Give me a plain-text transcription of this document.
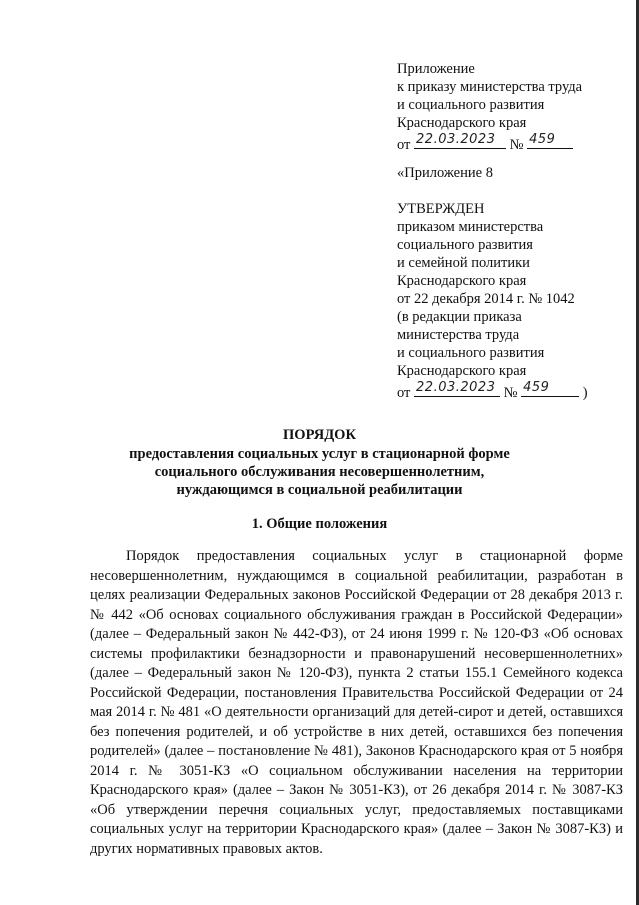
Приложение
к приказу министерства труда
и социального развития
Краснодарского края
от 22.03.2023 № 459
«Приложение 8
УТВЕРЖДЕН
приказом министерства
социального развития
и семейной политики
Краснодарского края
от 22 декабря 2014 г. № 1042
(в редакции приказа
министерства труда
и социального развития
Краснодарского края
от 22.03.2023 № 459 )
ПОРЯДОК
предоставления социальных услуг в стационарной форме
социального обслуживания несовершеннолетним,
нуждающимся в социальной реабилитации
1. Общие положения
Порядок предоставления социальных услуг в стационарной форме несовершеннолетним, нуждающимся в социальной реабилитации, разработан в целях реализации Федеральных законов Российской Федерации от 28 декабря 2013 г. № 442 «Об основах социального обслуживания граждан в Российской Федерации» (далее – Федеральный закон № 442-ФЗ), от 24 июня 1999 г. № 120-ФЗ «Об основах системы профилактики безнадзорности и правонарушений несовершеннолетних» (далее – Федеральный закон № 120-ФЗ), пункта 2 статьи 155.1 Семейного кодекса Российской Федерации, постановления Правительства Российской Федерации от 24 мая 2014 г. № 481 «О деятельности организаций для детей-сирот и детей, оставшихся без попечения родителей, и об устройстве в них детей, оставшихся без попечения родителей» (далее – постановление № 481), Законов Краснодарского края от 5 ноября 2014 г. № 3051-КЗ «О социальном обслуживании населения на территории Краснодарского края» (далее – Закон № 3051-КЗ), от 26 декабря 2014 г. № 3087-КЗ «Об утверждении перечня социальных услуг, предоставляемых поставщиками социальных услуг на территории Краснодарского края» (далее – Закон № 3087-КЗ) и других нормативных правовых актов.
